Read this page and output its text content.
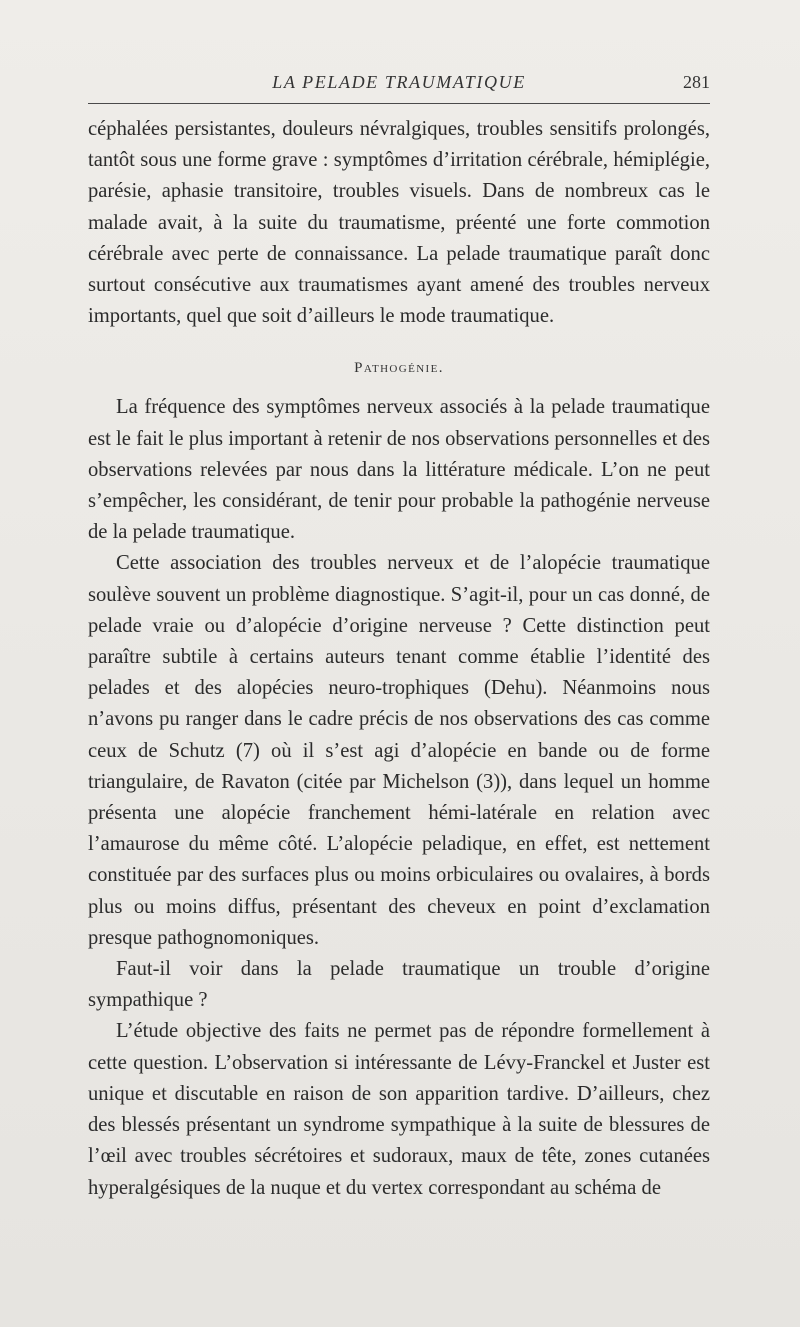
LA PELADE TRAUMATIQUE	281

céphalées persistantes, douleurs névralgiques, troubles sensitifs prolongés, tantôt sous une forme grave : symptômes d’irritation cérébrale, hémiplégie, parésie, aphasie transitoire, troubles visuels. Dans de nombreux cas le malade avait, à la suite du traumatisme, préenté une forte commotion cérébrale avec perte de connaissance. La pelade traumatique paraît donc surtout consécutive aux traumatismes ayant amené des troubles nerveux importants, quel que soit d’ailleurs le mode traumatique.

Pathogénie.

La fréquence des symptômes nerveux associés à la pelade traumatique est le fait le plus important à retenir de nos observations personnelles et des observations relevées par nous dans la littérature médicale. L’on ne peut s’empêcher, les considérant, de tenir pour probable la pathogénie nerveuse de la pelade traumatique.

Cette association des troubles nerveux et de l’alopécie traumatique soulève souvent un problème diagnostique. S’agit-il, pour un cas donné, de pelade vraie ou d’alopécie d’origine nerveuse ? Cette distinction peut paraître subtile à certains auteurs tenant comme établie l’identité des pelades et des alopécies neuro-trophiques (Dehu). Néanmoins nous n’avons pu ranger dans le cadre précis de nos observations des cas comme ceux de Schutz (7) où il s’est agi d’alopécie en bande ou de forme triangulaire, de Ravaton (citée par Michelson (3)), dans lequel un homme présenta une alopécie franchement hémi-latérale en relation avec l’amaurose du même côté. L’alopécie peladique, en effet, est nettement constituée par des surfaces plus ou moins orbiculaires ou ovalaires, à bords plus ou moins diffus, présentant des cheveux en point d’exclamation presque pathognomoniques.

Faut-il voir dans la pelade traumatique un trouble d’origine sympathique ?

L’étude objective des faits ne permet pas de répondre formellement à cette question. L’observation si intéressante de Lévy-Franckel et Juster est unique et discutable en raison de son apparition tardive. D’ailleurs, chez des blessés présentant un syndrome sympathique à la suite de blessures de l’œil avec troubles sécrétoires et sudoraux, maux de tête, zones cutanées hyperalgésiques de la nuque et du vertex correspondant au schéma de
